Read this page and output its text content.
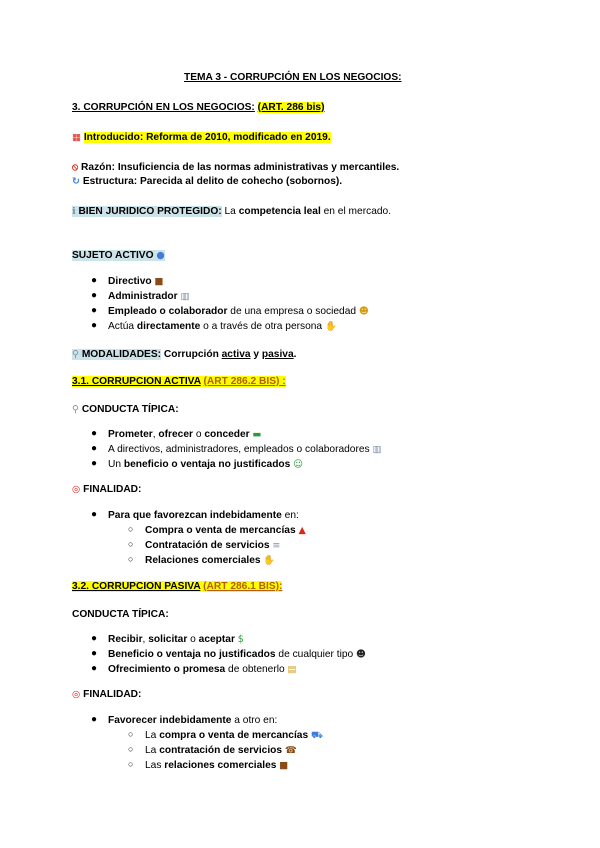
TEMA 3 - CORRUPCIÓN EN LOS NEGOCIOS:
3. CORRUPCIÓN EN LOS NEGOCIOS: (ART. 286 bis)
▦ Introducido: Reforma de 2010, modificado en 2019.
⦸ Razón: Insuficiencia de las normas administrativas y mercantiles.
↻ Estructura: Parecida al delito de cohecho (sobornos).
ℹ BIEN JURIDICO PROTEGIDO: La competencia leal en el mercado.
SUJETO ACTIVO ●
● Directivo ■
● Administrador ▥
● Empleado o colaborador de una empresa o sociedad ☻
● Actúa directamente o a través de otra persona ✋
⚲ MODALIDADES: Corrupción activa y pasiva.
3.1. CORRUPCION ACTIVA (ART 286.2 BIS) :
⚲ CONDUCTA TÍPICA:
● Prometer, ofrecer o conceder ▬
● A directivos, administradores, empleados o colaboradores ▥
● Un beneficio o ventaja no justificados ☺
◎ FINALIDAD:
● Para que favorezcan indebidamente en:
○ Compra o venta de mercancías ▲
○ Contratación de servicios ≡
○ Relaciones comerciales ✋
3.2. CORRUPCION PASIVA (ART 286.1 BIS):
CONDUCTA TÍPICA:
● Recibir, solicitar o aceptar $
● Beneficio o ventaja no justificados de cualquier tipo ☻
● Ofrecimiento o promesa de obtenerlo ▤
◎ FINALIDAD:
● Favorecer indebidamente a otro en:
○ La compra o venta de mercancías ⛟
○ La contratación de servicios ☎
○ Las relaciones comerciales ■
